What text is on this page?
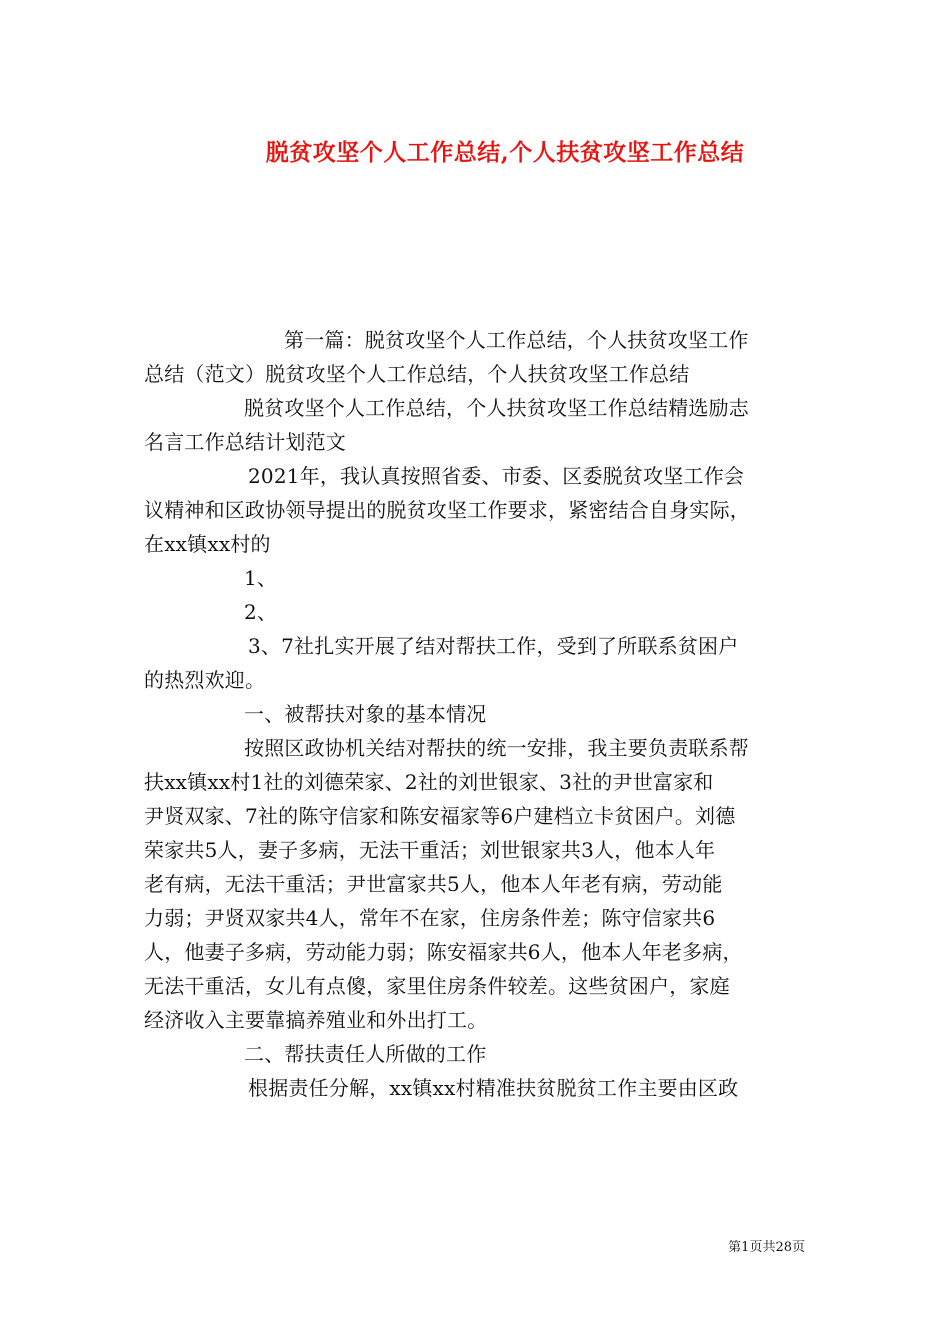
脱贫攻坚个人工作总结,个人扶贫攻坚工作总结
第一篇：脱贫攻坚个人工作总结，个人扶贫攻坚工作
总结（范文）脱贫攻坚个人工作总结，个人扶贫攻坚工作总结
脱贫攻坚个人工作总结，个人扶贫攻坚工作总结精选励志
名言工作总结计划范文
2021年，我认真按照省委、市委、区委脱贫攻坚工作会
议精神和区政协领导提出的脱贫攻坚工作要求，紧密结合自身实际，
在xx镇xx村的
1、
2、
3、7社扎实开展了结对帮扶工作，受到了所联系贫困户
的热烈欢迎。
一、被帮扶对象的基本情况
按照区政协机关结对帮扶的统一安排，我主要负责联系帮
扶xx镇xx村1社的刘德荣家、2社的刘世银家、3社的尹世富家和
尹贤双家、7社的陈守信家和陈安福家等6户建档立卡贫困户。刘德
荣家共5人，妻子多病，无法干重活；刘世银家共3人，他本人年
老有病，无法干重活；尹世富家共5人，他本人年老有病，劳动能
力弱；尹贤双家共4人，常年不在家，住房条件差；陈守信家共6
人，他妻子多病，劳动能力弱；陈安福家共6人，他本人年老多病，
无法干重活，女儿有点傻，家里住房条件较差。这些贫困户，家庭
经济收入主要靠搞养殖业和外出打工。
二、帮扶责任人所做的工作
根据责任分解，xx镇xx村精准扶贫脱贫工作主要由区政
第1页共28页
